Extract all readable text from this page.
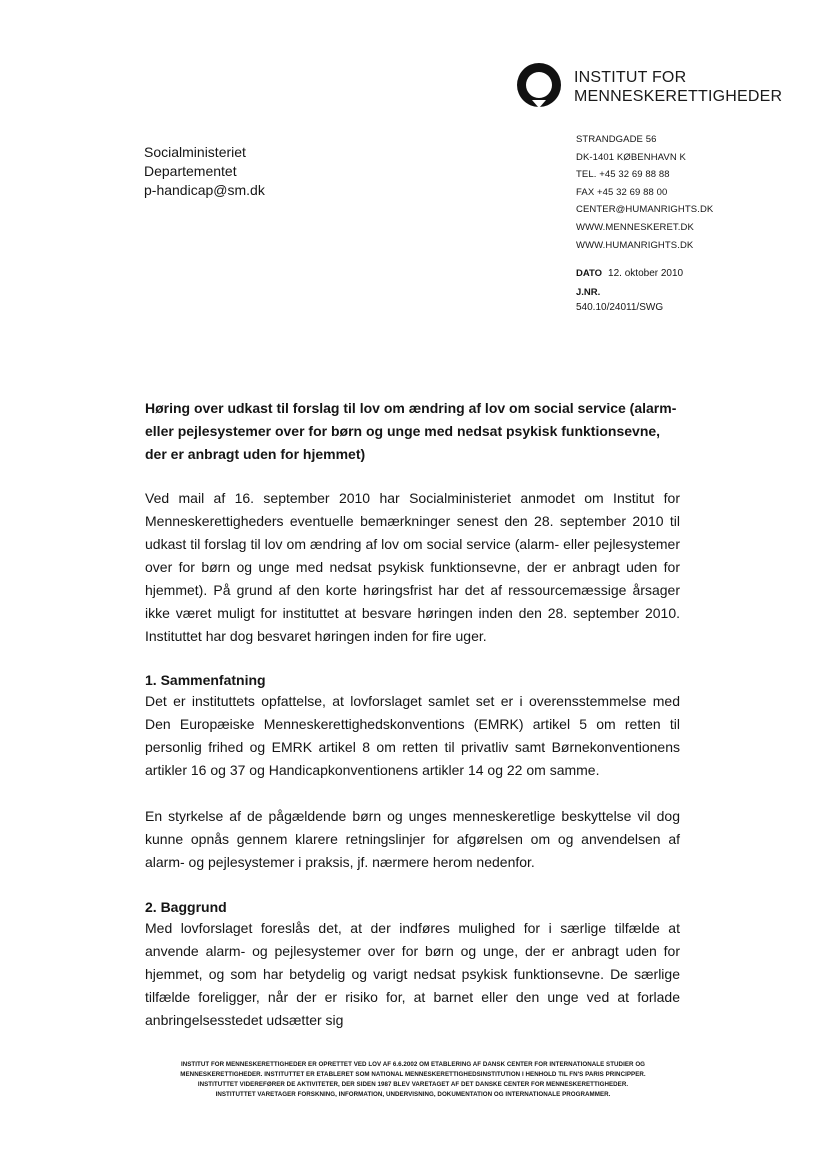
INSTITUT FOR
MENNESKERETTIGHEDER
Socialministeriet
Departementet
p-handicap@sm.dk
STRANDGADE 56
DK-1401 KØBENHAVN K
TEL. +45 32 69 88 88
FAX +45 32 69 88 00
CENTER@HUMANRIGHTS.DK
WWW.MENNESKERET.DK
WWW.HUMANRIGHTS.DK
DATO 12. oktober 2010
J.NR.
540.10/24011/SWG

Høring over udkast til forslag til lov om ændring af lov om social service (alarm- eller pejlesystemer over for børn og unge med nedsat psykisk funktionsevne, der er anbragt uden for hjemmet)

Ved mail af 16. september 2010 har Socialministeriet anmodet om Institut for Menneskerettigheders eventuelle bemærkninger senest den 28. september 2010 til udkast til forslag til lov om ændring af lov om social service (alarm- eller pejlesystemer over for børn og unge med nedsat psykisk funktionsevne, der er anbragt uden for hjemmet). På grund af den korte høringsfrist har det af ressourcemæssige årsager ikke været muligt for instituttet at besvare høringen inden den 28. september 2010. Instituttet har dog besvaret høringen inden for fire uger.

1. Sammenfatning

Det er instituttets opfattelse, at lovforslaget samlet set er i overensstemmelse med Den Europæiske Menneskerettighedskonventions (EMRK) artikel 5 om retten til personlig frihed og EMRK artikel 8 om retten til privatliv samt Børnekonventionens artikler 16 og 37 og Handicapkonventionens artikler 14 og 22 om samme.

En styrkelse af de pågældende børn og unges menneskeretlige beskyttelse vil dog kunne opnås gennem klarere retningslinjer for afgørelsen om og anvendelsen af alarm- og pejlesystemer i praksis, jf. nærmere herom nedenfor.

2. Baggrund

Med lovforslaget foreslås det, at der indføres mulighed for i særlige tilfælde at anvende alarm- og pejlesystemer over for børn og unge, der er anbragt uden for hjemmet, og som har betydelig og varigt nedsat psykisk funktionsevne. De særlige tilfælde foreligger, når der er risiko for, at barnet eller den unge ved at forlade anbringelsesstedet udsætter sig

INSTITUT FOR MENNESKERETTIGHEDER ER OPRETTET VED LOV AF 6.6.2002 OM ETABLERING AF DANSK CENTER FOR INTERNATIONALE STUDIER OG
MENNESKERETTIGHEDER. INSTITUTTET ER ETABLERET SOM NATIONAL MENNESKERETTIGHEDSINSTITUTION I HENHOLD TIL FN'S PARIS PRINCIPPER.
INSTITUTTET VIDEREFØRER DE AKTIVITETER, DER SIDEN 1987 BLEV VARETAGET AF DET DANSKE CENTER FOR MENNESKERETTIGHEDER.
INSTITUTTET VARETAGER FORSKNING, INFORMATION, UNDERVISNING, DOKUMENTATION OG INTERNATIONALE PROGRAMMER.
